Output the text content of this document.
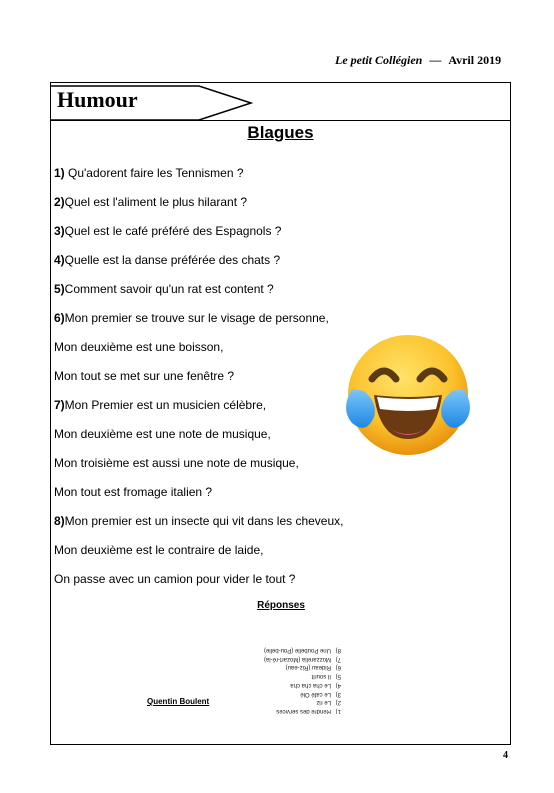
Le petit Collégien — Avril 2019
Humour
Blagues
1) Qu'adorent faire les Tennismen ?
2)Quel est l'aliment le plus hilarant ?
3)Quel est le café préféré des Espagnols ?
4)Quelle est la danse préférée des chats ?
5)Comment savoir qu'un rat est content ?
6)Mon premier se trouve sur le visage de personne,
Mon deuxième est une boisson,
Mon tout se met sur une fenêtre ?
7)Mon Premier est un musicien célèbre,
Mon deuxième est une note de musique,
Mon troisième est aussi une note de musique,
Mon tout est fromage italien ?
8)Mon premier est un insecte qui vit dans les cheveux,
Mon deuxième est le contraire de laide,
On passe avec un camion pour vider le tout ?
Réponses
1)Rendre des services
2)Le riz
3)Le café Olé
4)Le cha cha cha
5)Il sourit
6)Rideau (Riz-eau)
7)Mozzarella (Mozart-ré-la)
8)Une Poubelle (Pou-belle)
Quentin Boulent
4
